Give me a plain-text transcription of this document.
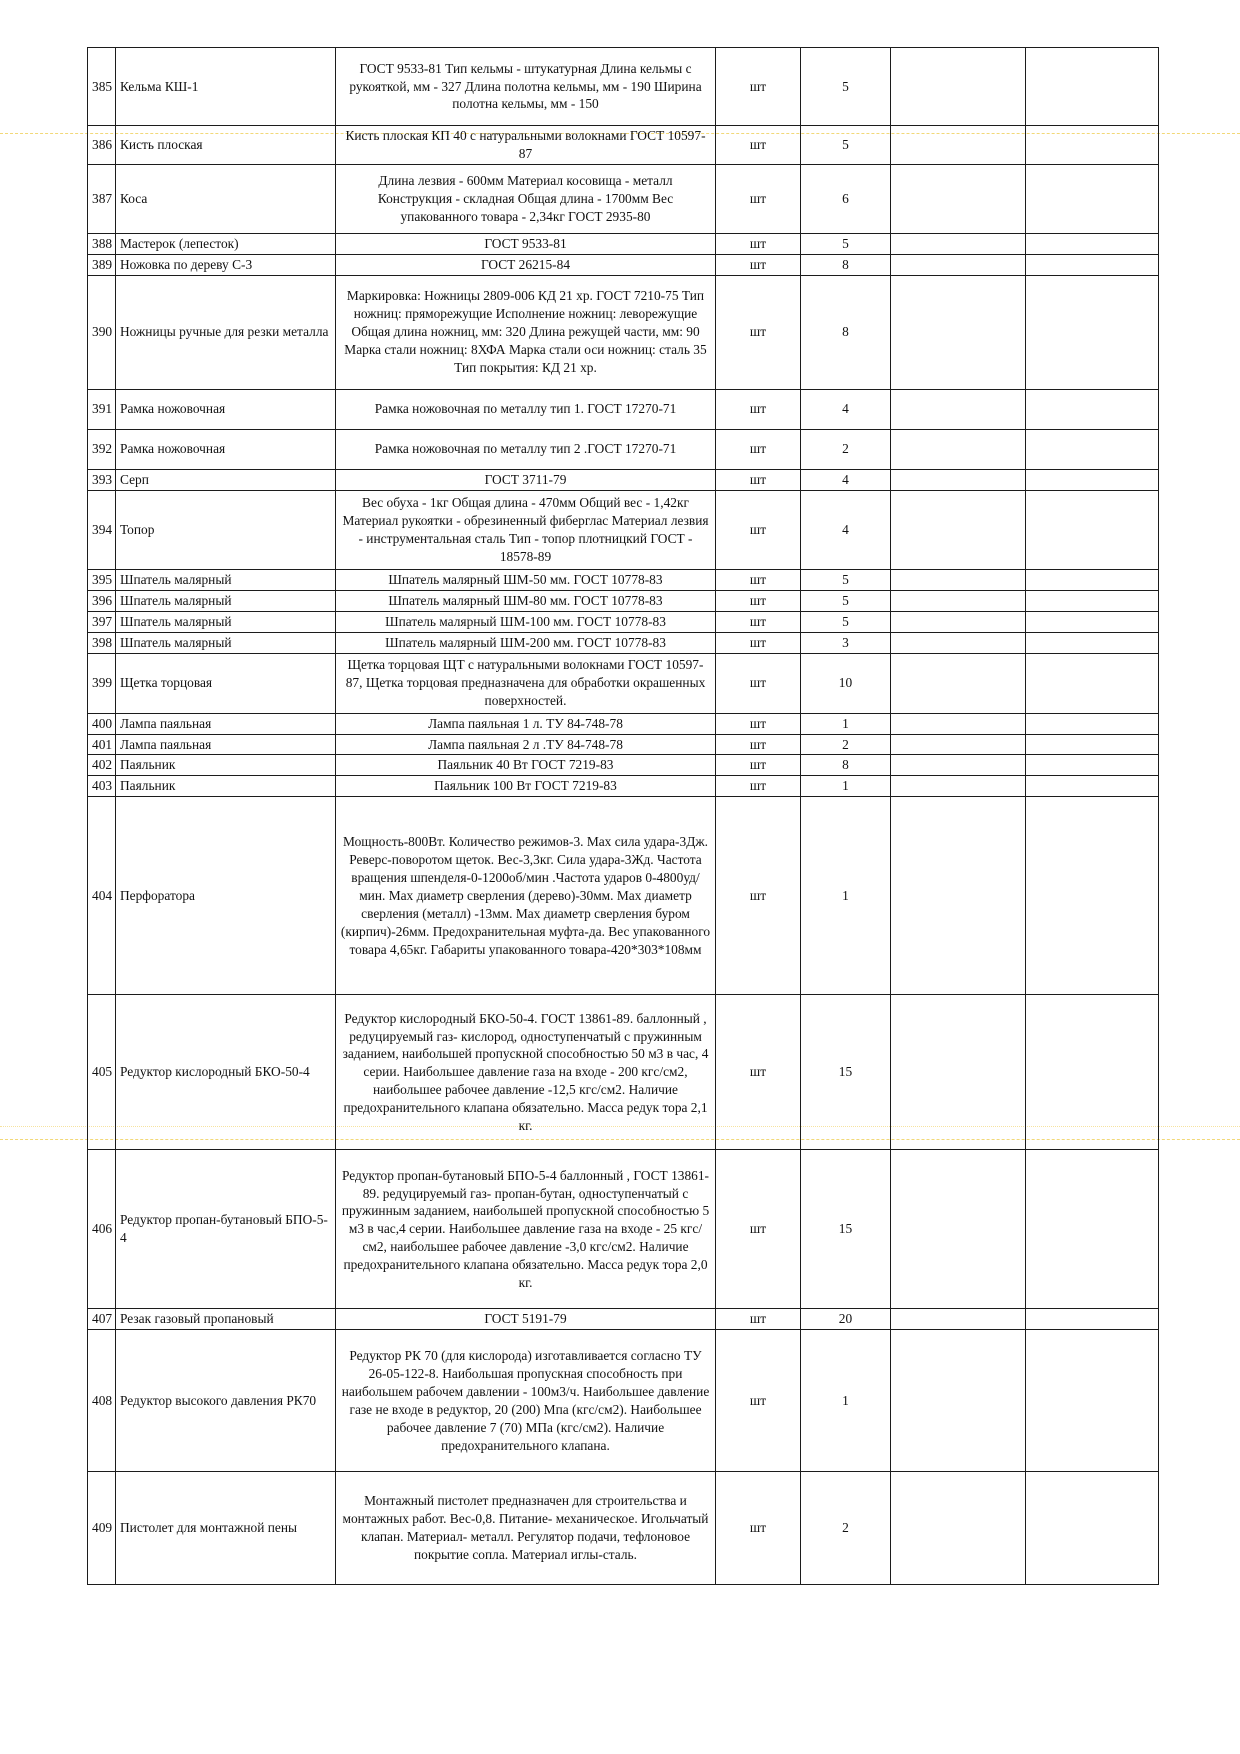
385	Кельма КШ-1	ГОСТ 9533-81 Тип кельмы - штукатурная Длина кельмы с рукояткой, мм - 327 Длина полотна кельмы, мм - 190 Ширина полотна кельмы, мм - 150	шт	5		
386	Кисть плоская	Кисть плоская КП 40 с натуральными волокнами ГОСТ 10597-87	шт	5		
387	Коса	Длина лезвия - 600мм Материал косовища - металл Конструкция - складная Общая длина - 1700мм Вес упакованного товара - 2,34кг ГОСТ 2935-80	шт	6		
388	Мастерок (лепесток)	ГОСТ 9533-81	шт	5		
389	Ножовка по дереву С-3	ГОСТ 26215-84	шт	8		
390	Ножницы ручные для резки металла	Маркировка: Ножницы 2809-006 КД 21 хр. ГОСТ 7210-75 Тип ножниц: пряморежущие Исполнение ножниц: леворежущие Общая длина ножниц, мм: 320 Длина режущей части, мм: 90 Марка стали ножниц: 8ХФА Марка стали оси ножниц: сталь 35 Тип покрытия: КД 21 хр.	шт	8		
391	Рамка ножовочная	Рамка ножовочная по металлу тип 1. ГОСТ 17270-71	шт	4		
392	Рамка ножовочная	Рамка ножовочная по металлу тип 2 .ГОСТ 17270-71	шт	2		
393	Серп	ГОСТ 3711-79	шт	4		
394	Топор	Вес обуха - 1кг Общая длина - 470мм Общий вес - 1,42кг Материал рукоятки - обрезиненный фиберглас Материал лезвия - инструментальная сталь Тип - топор плотницкий ГОСТ - 18578-89	шт	4		
395	Шпатель малярный	Шпатель малярный ШМ-50 мм. ГОСТ 10778-83	шт	5		
396	Шпатель малярный	Шпатель малярный ШМ-80 мм. ГОСТ 10778-83	шт	5		
397	Шпатель малярный	Шпатель малярный ШМ-100 мм. ГОСТ 10778-83	шт	5		
398	Шпатель малярный	Шпатель малярный ШМ-200 мм. ГОСТ 10778-83	шт	3		
399	Щетка торцовая	Щетка торцовая ЩТ с натуральными волокнами ГОСТ 10597-87, Щетка торцовая предназначена для обработки окрашенных поверхностей.	шт	10		
400	Лампа паяльная	Лампа паяльная 1 л. ТУ 84-748-78	шт	1		
401	Лампа паяльная	Лампа паяльная 2 л .ТУ 84-748-78	шт	2		
402	Паяльник	Паяльник 40 Вт ГОСТ 7219-83	шт	8		
403	Паяльник	Паяльник 100 Вт ГОСТ 7219-83	шт	1		
404	Перфоратора	Мощность-800Вт. Количество режимов-3. Мах сила удара-3Дж. Реверс-поворотом щеток. Вес-3,3кг. Сила удара-3Жд. Частота вращения шпенделя-0-1200об/мин .Частота ударов 0-4800уд/мин. Мах диаметр сверления (дерево)-30мм. Мах диаметр сверления (металл) -13мм. Мах диаметр сверления буром (кирпич)-26мм. Предохранительная муфта-да. Вес упакованного товара 4,65кг. Габариты упакованного товара-420*303*108мм	шт	1		
405	Редуктор кислородный БКО-50-4	Редуктор кислородный БКО-50-4. ГОСТ 13861-89. баллонный , редуцируемый газ- кислород, одноступенчатый с пружинным заданием, наибольшей пропускной способностью 50 м3 в час, 4 серии. Наибольшее давление газа на входе - 200 кгс/см2, наибольшее рабочее давление -12,5 кгс/см2. Наличие предохранительного клапана обязательно. Масса редук тора 2,1 кг.	шт	15		
406	Редуктор пропан-бутановый БПО-5-4	Редуктор пропан-бутановый БПО-5-4 баллонный , ГОСТ 13861-89. редуцируемый газ- пропан-бутан, одноступенчатый с пружинным заданием, наибольшей пропускной способностью 5 м3 в час,4 серии. Наибольшее давление газа на входе - 25 кгс/см2, наибольшее рабочее давление -3,0 кгс/см2. Наличие предохранительного клапана обязательно. Масса редук тора 2,0 кг.	шт	15		
407	Резак газовый пропановый	ГОСТ 5191-79	шт	20		
408	Редуктор высокого давления РК70	Редуктор РК 70 (для кислорода) изготавливается согласно ТУ 26-05-122-8. Наибольшая пропускная способность при наибольшем рабочем давлении - 100м3/ч. Наибольшее давление газе не входе в редуктор, 20 (200) Мпа (кгс/см2). Наибольшее рабочее давление 7 (70) МПа (кгс/см2). Наличие предохранительного клапана.	шт	1		
409	Пистолет для монтажной пены	Монтажный пистолет предназначен для строительства и монтажных работ. Вес-0,8. Питание- механическое. Игольчатый клапан. Материал- металл. Регулятор подачи, тефлоновое покрытие сопла. Материал иглы-сталь.	шт	2		
